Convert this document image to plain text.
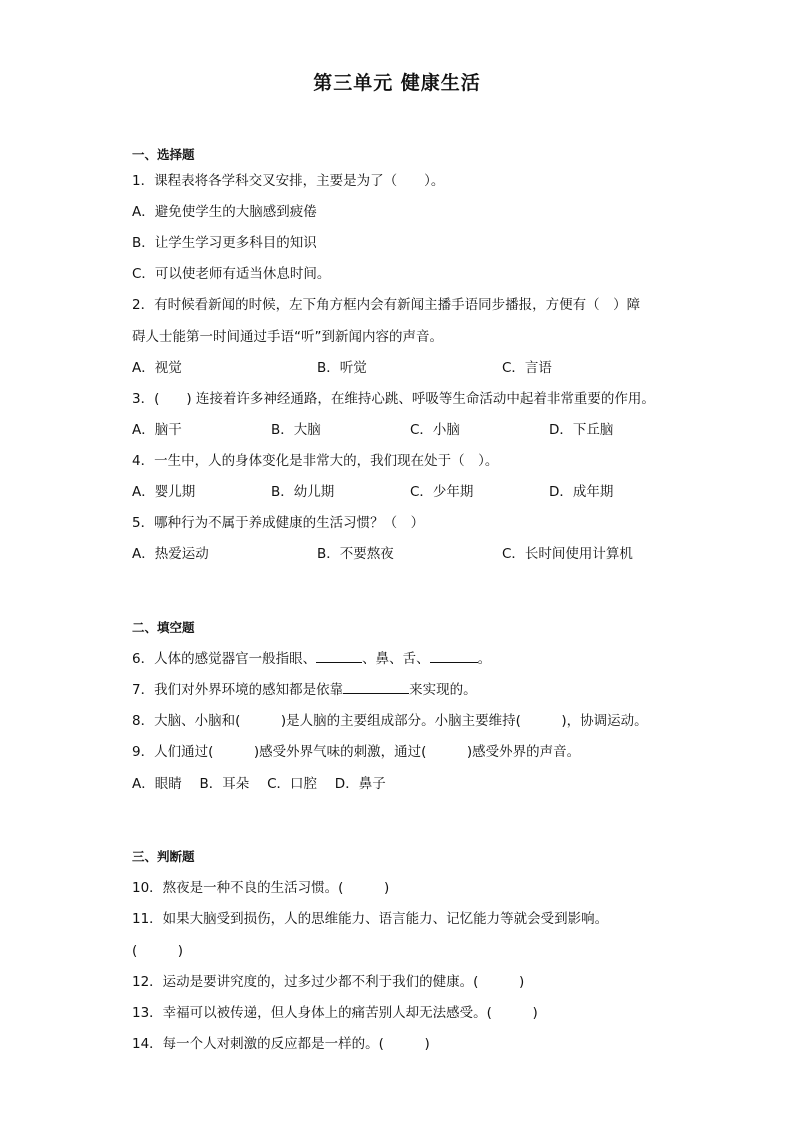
第三单元 健康生活
一、选择题
1．课程表将各学科交叉安排，主要是为了（　　）。
A．避免使学生的大脑感到疲倦
B．让学生学习更多科目的知识
C．可以使老师有适当休息时间。
2．有时候看新闻的时候，左下角方框内会有新闻主播手语同步播报，方便有（　）障
碍人士能第一时间通过手语“听”到新闻内容的声音。
A．视觉	B．听觉	C．言语
3．(　　) 连接着许多神经通路，在维持心跳、呼吸等生命活动中起着非常重要的作用。
A．脑干	B．大脑	C．小脑	D．下丘脑
4．一生中，人的身体变化是非常大的，我们现在处于（　）。
A．婴儿期	B．幼儿期	C．少年期	D．成年期
5．哪种行为不属于养成健康的生活习惯？（　）
A．热爱运动	B．不要熬夜	C．长时间使用计算机
二、填空题
6．人体的感觉器官一般指眼、	、鼻、舌、	。
7．我们对外界环境的感知都是依靠	来实现的。
8．大脑、小脑和(　　　)是人脑的主要组成部分。小脑主要维持(　　　)，协调运动。
9．人们通过(　　　)感受外界气味的刺激，通过(　　　)感受外界的声音。
A．眼睛　 B．耳朵　 C．口腔　 D．鼻子
三、判断题
10．熬夜是一种不良的生活习惯。(　　　)
11．如果大脑受到损伤，人的思维能力、语言能力、记忆能力等就会受到影响。
(　　　)
12．运动是要讲究度的，过多过少都不利于我们的健康。(　　　)
13．幸福可以被传递，但人身体上的痛苦别人却无法感受。(　　　)
14．每一个人对刺激的反应都是一样的。(　　　)
